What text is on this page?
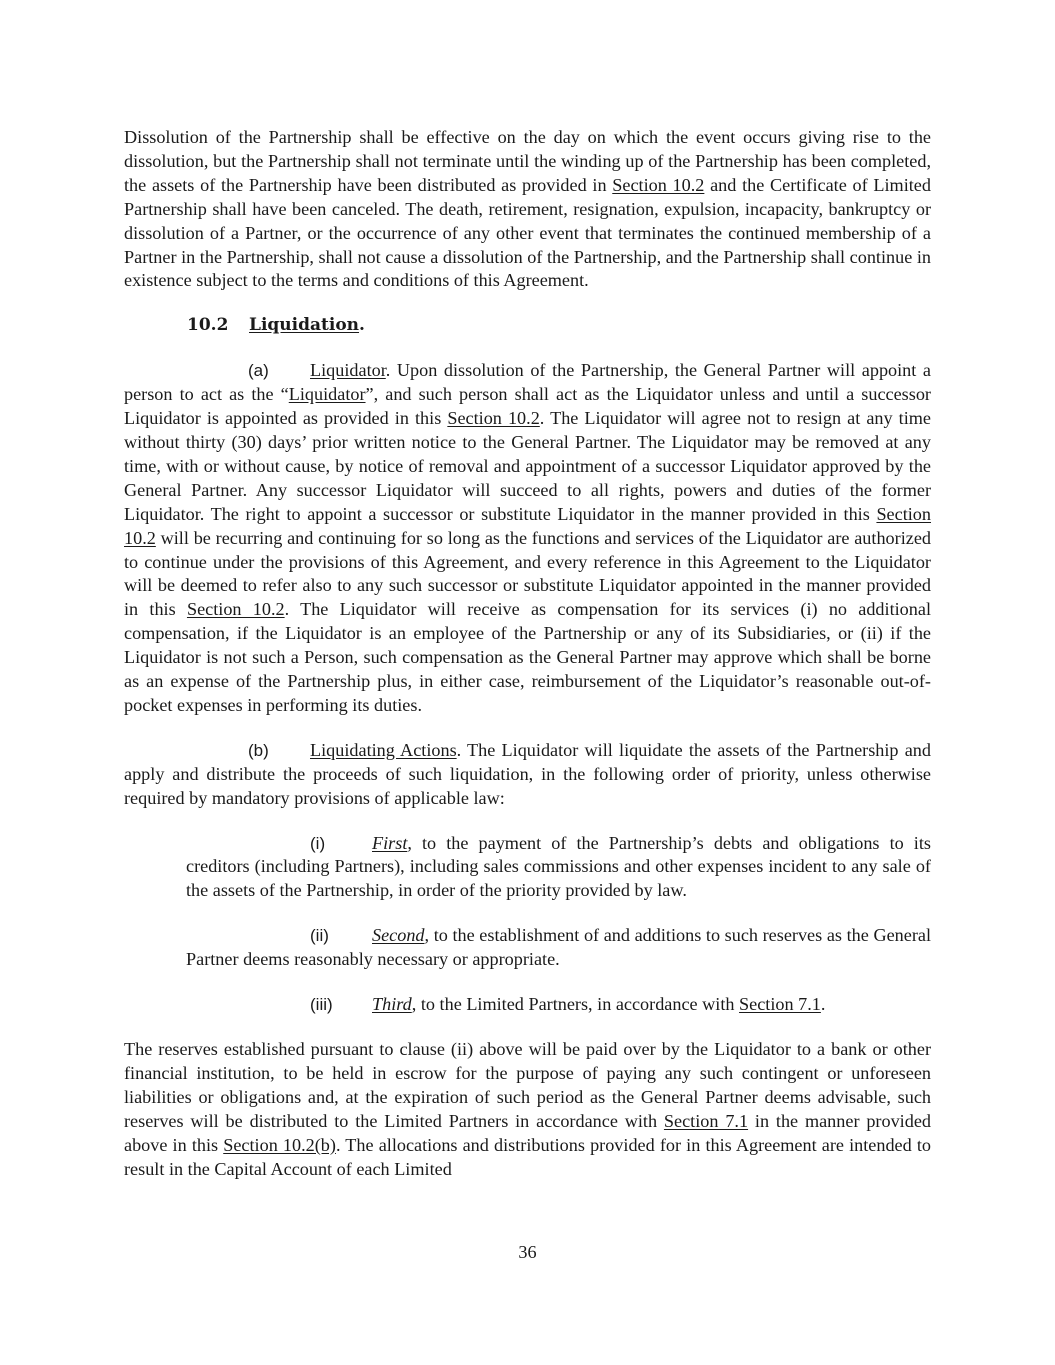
Dissolution of the Partnership shall be effective on the day on which the event occurs giving rise to the dissolution, but the Partnership shall not terminate until the winding up of the Partnership has been completed, the assets of the Partnership have been distributed as provided in Section 10.2 and the Certificate of Limited Partnership shall have been canceled. The death, retirement, resignation, expulsion, incapacity, bankruptcy or dissolution of a Partner, or the occurrence of any other event that terminates the continued membership of a Partner in the Partnership, shall not cause a dissolution of the Partnership, and the Partnership shall continue in existence subject to the terms and conditions of this Agreement.

10.2 Liquidation.

(a) Liquidator. Upon dissolution of the Partnership, the General Partner will appoint a person to act as the “Liquidator”, and such person shall act as the Liquidator unless and until a successor Liquidator is appointed as provided in this Section 10.2. The Liquidator will agree not to resign at any time without thirty (30) days’ prior written notice to the General Partner. The Liquidator may be removed at any time, with or without cause, by notice of removal and appointment of a successor Liquidator approved by the General Partner. Any successor Liquidator will succeed to all rights, powers and duties of the former Liquidator. The right to appoint a successor or substitute Liquidator in the manner provided in this Section 10.2 will be recurring and continuing for so long as the functions and services of the Liquidator are authorized to continue under the provisions of this Agreement, and every reference in this Agreement to the Liquidator will be deemed to refer also to any such successor or substitute Liquidator appointed in the manner provided in this Section 10.2. The Liquidator will receive as compensation for its services (i) no additional compensation, if the Liquidator is an employee of the Partnership or any of its Subsidiaries, or (ii) if the Liquidator is not such a Person, such compensation as the General Partner may approve which shall be borne as an expense of the Partnership plus, in either case, reimbursement of the Liquidator’s reasonable out-of-pocket expenses in performing its duties.

(b) Liquidating Actions. The Liquidator will liquidate the assets of the Partnership and apply and distribute the proceeds of such liquidation, in the following order of priority, unless otherwise required by mandatory provisions of applicable law:

(i)	First, to the payment of the Partnership’s debts and obligations to its creditors (including Partners), including sales commissions and other expenses incident to any sale of the assets of the Partnership, in order of the priority provided by law.

(ii) Second, to the establishment of and additions to such reserves as the General Partner deems reasonably necessary or appropriate.

(iii) Third, to the Limited Partners, in accordance with Section 7.1.

The reserves established pursuant to clause (ii) above will be paid over by the Liquidator to a bank or other financial institution, to be held in escrow for the purpose of paying any such contingent or unforeseen liabilities or obligations and, at the expiration of such period as the General Partner deems advisable, such reserves will be distributed to the Limited Partners in accordance with Section 7.1 in the manner provided above in this Section 10.2(b). The allocations and distributions provided for in this Agreement are intended to result in the Capital Account of each Limited

36
